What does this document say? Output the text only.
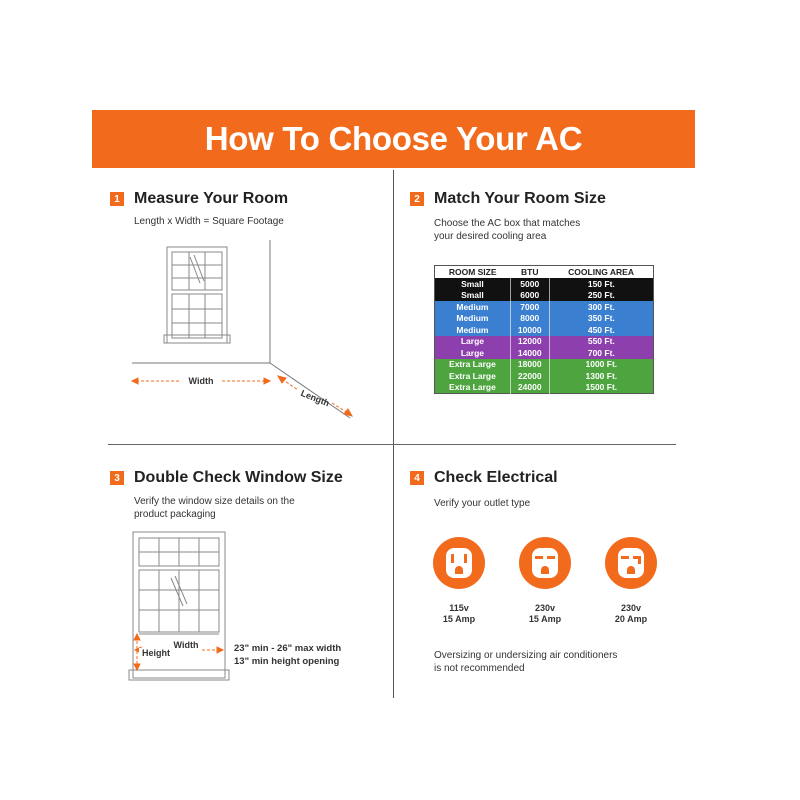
How To Choose Your AC
1 Measure Your Room
Length x Width = Square Footage
Width
Length
2 Match Your Room Size
Choose the AC box that matches
your desired cooling area
ROOM SIZE	BTU	COOLING AREA
Small	5000	150 Ft.
Small	6000	250 Ft.
Medium	7000	300 Ft.
Medium	8000	350 Ft.
Medium	10000	450 Ft.
Large	12000	550 Ft.
Large	14000	700 Ft.
Extra Large	18000	1000 Ft.
Extra Large	22000	1300 Ft.
Extra Large	24000	1500 Ft.
3 Double Check Window Size
Verify the window size details on the
product packaging
Width
Height	23" min - 26" max width
13" min height opening
4 Check Electrical
Verify your outlet type
115v
15 Amp
230v
15 Amp
230v
20 Amp
Oversizing or undersizing air conditioners
is not recommended
